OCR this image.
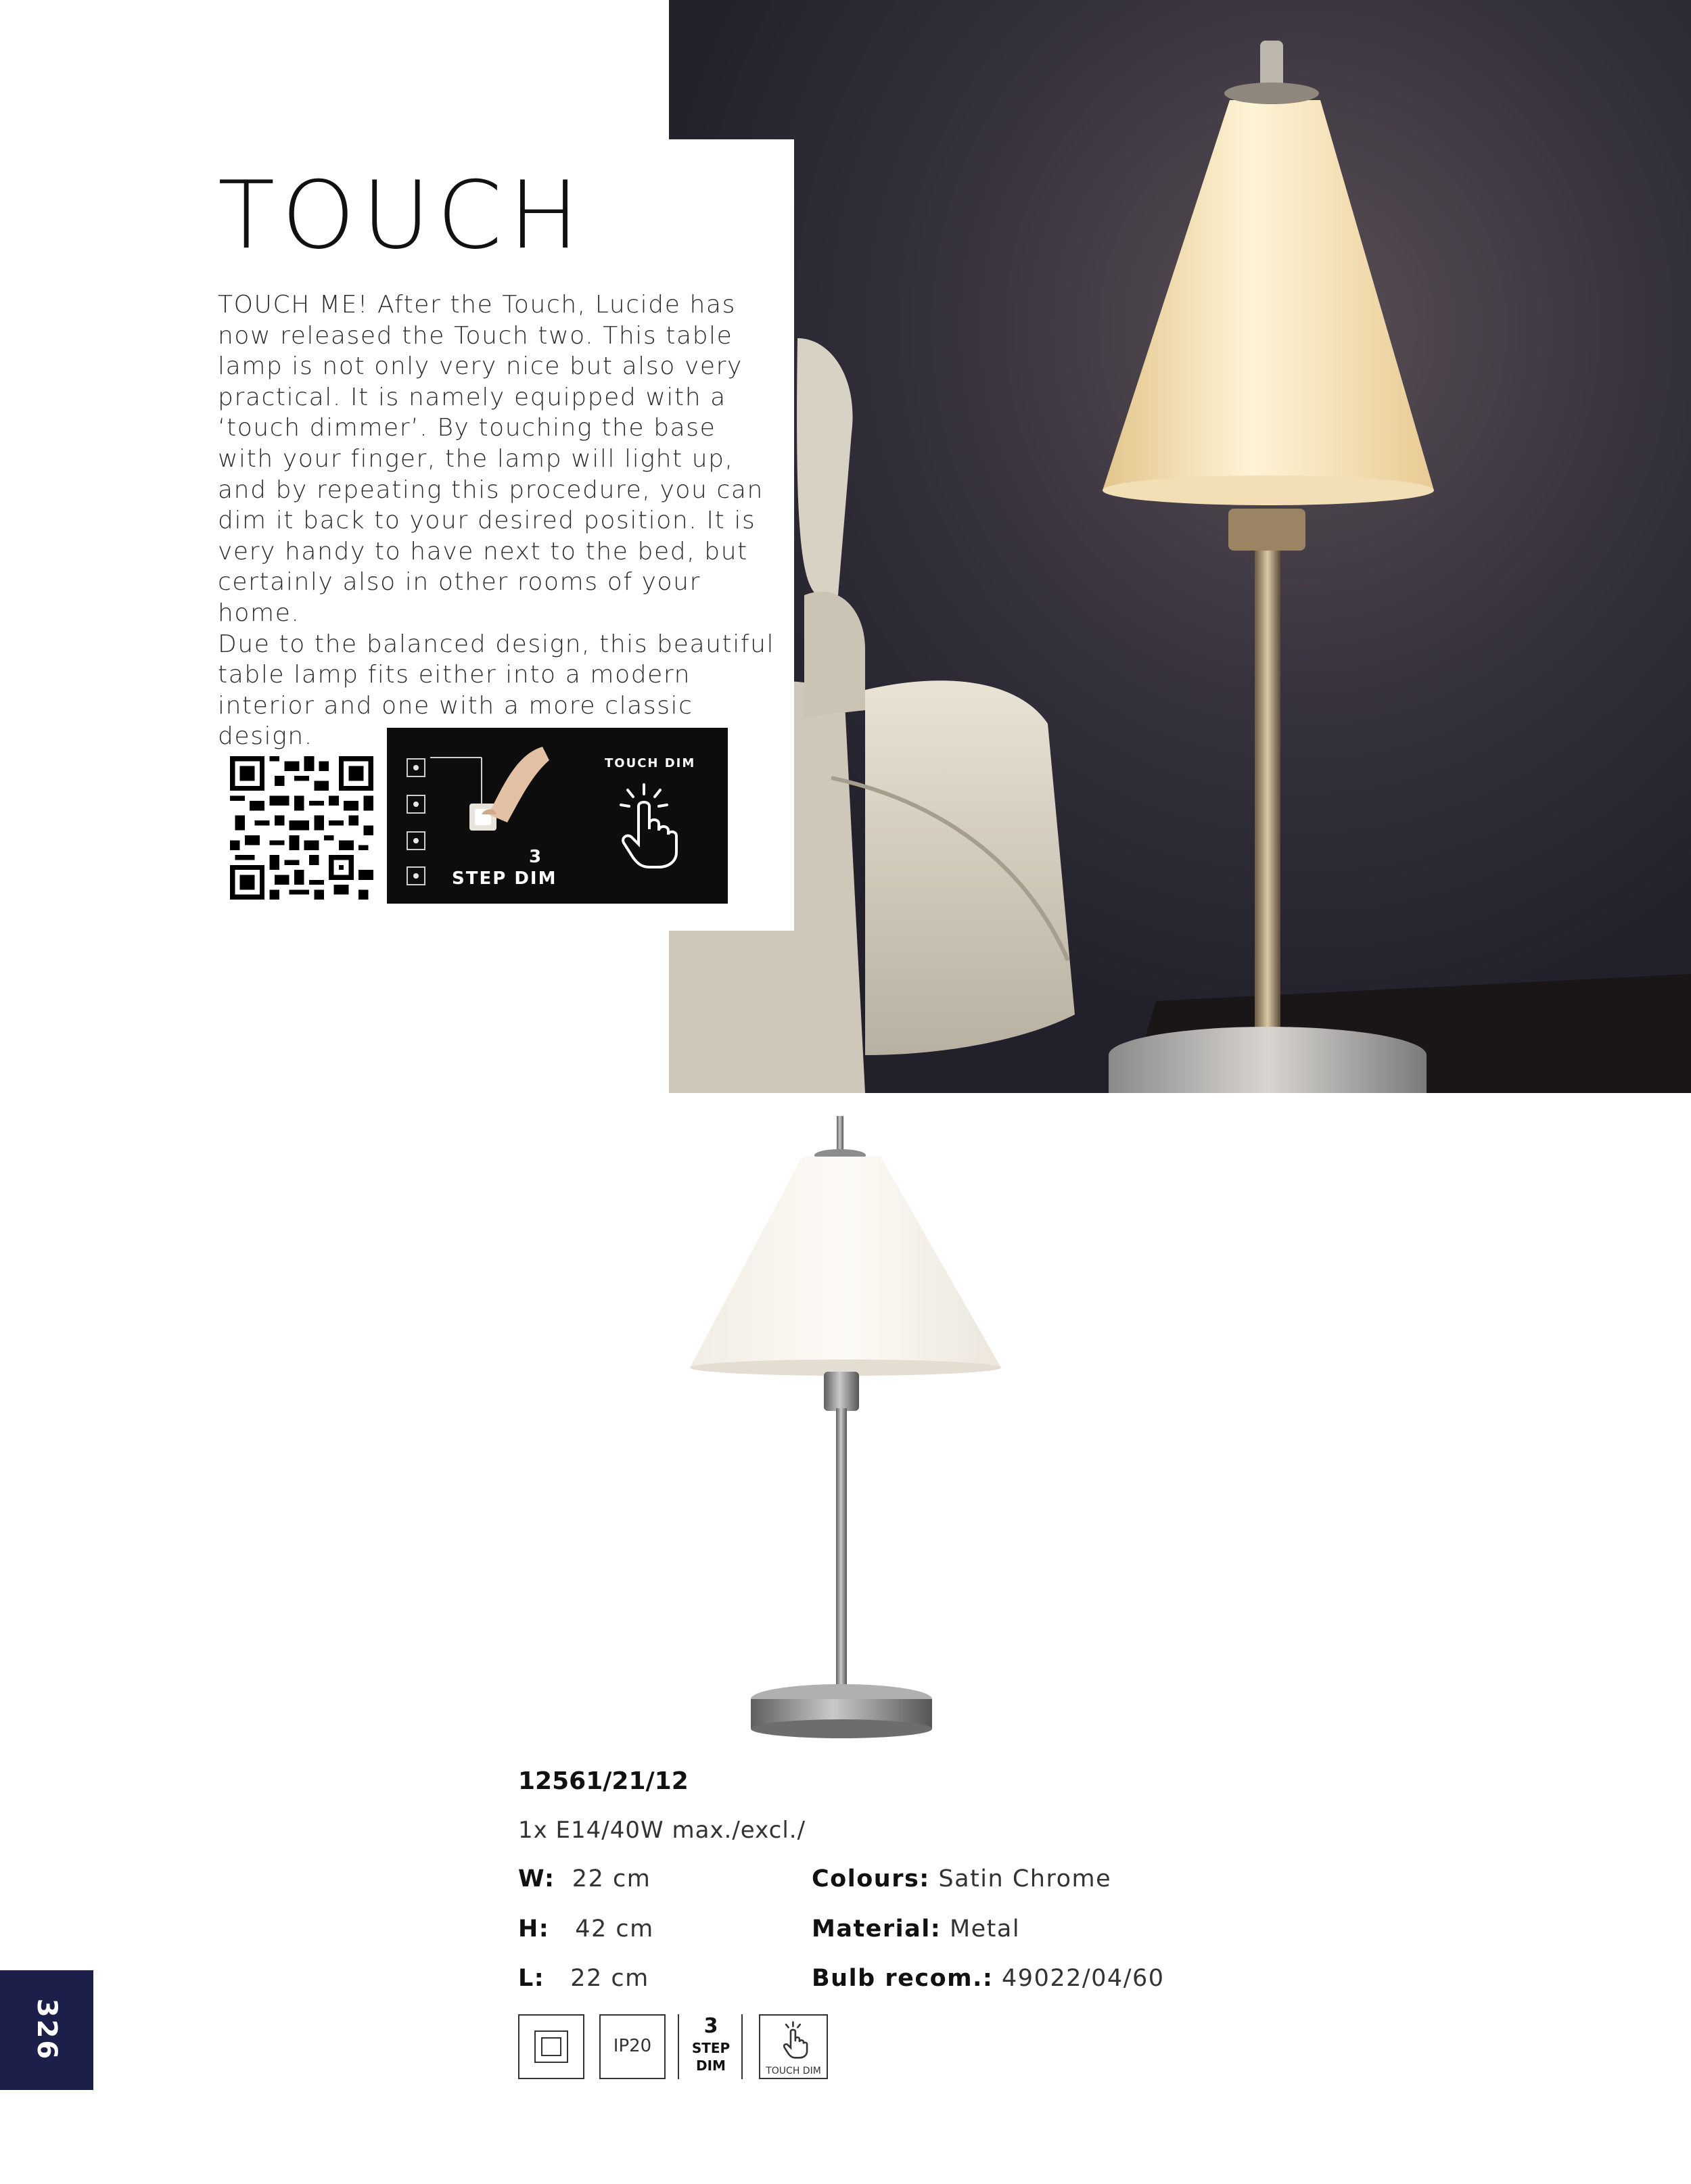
TOUCH

TOUCH ME! After the Touch, Lucide has

now released the Touch two. This table

lamp is not only very nice but also very

practical. It is namely equipped with a

‘touch dimmer’. By touching the base

with your finger, the lamp will light up,

and by repeating this procedure, you can

dim it back to your desired position. It is

very handy to have next to the bed, but

certainly also in other rooms of your home.

Due to the balanced design, this beautiful

table lamp fits either into a modern

interior and one with a more classic design.

TOUCH DIM
3
STEP DIM
12561/21/12
1x E14/40W max./excl./
W: 22 cm
H: 42 cm
L: 22 cm
Colours: Satin Chrome
Material: Metal
Bulb recom.: 49022/04/60
IP20
3
STEP
DIM	TOUCH DIM
326
